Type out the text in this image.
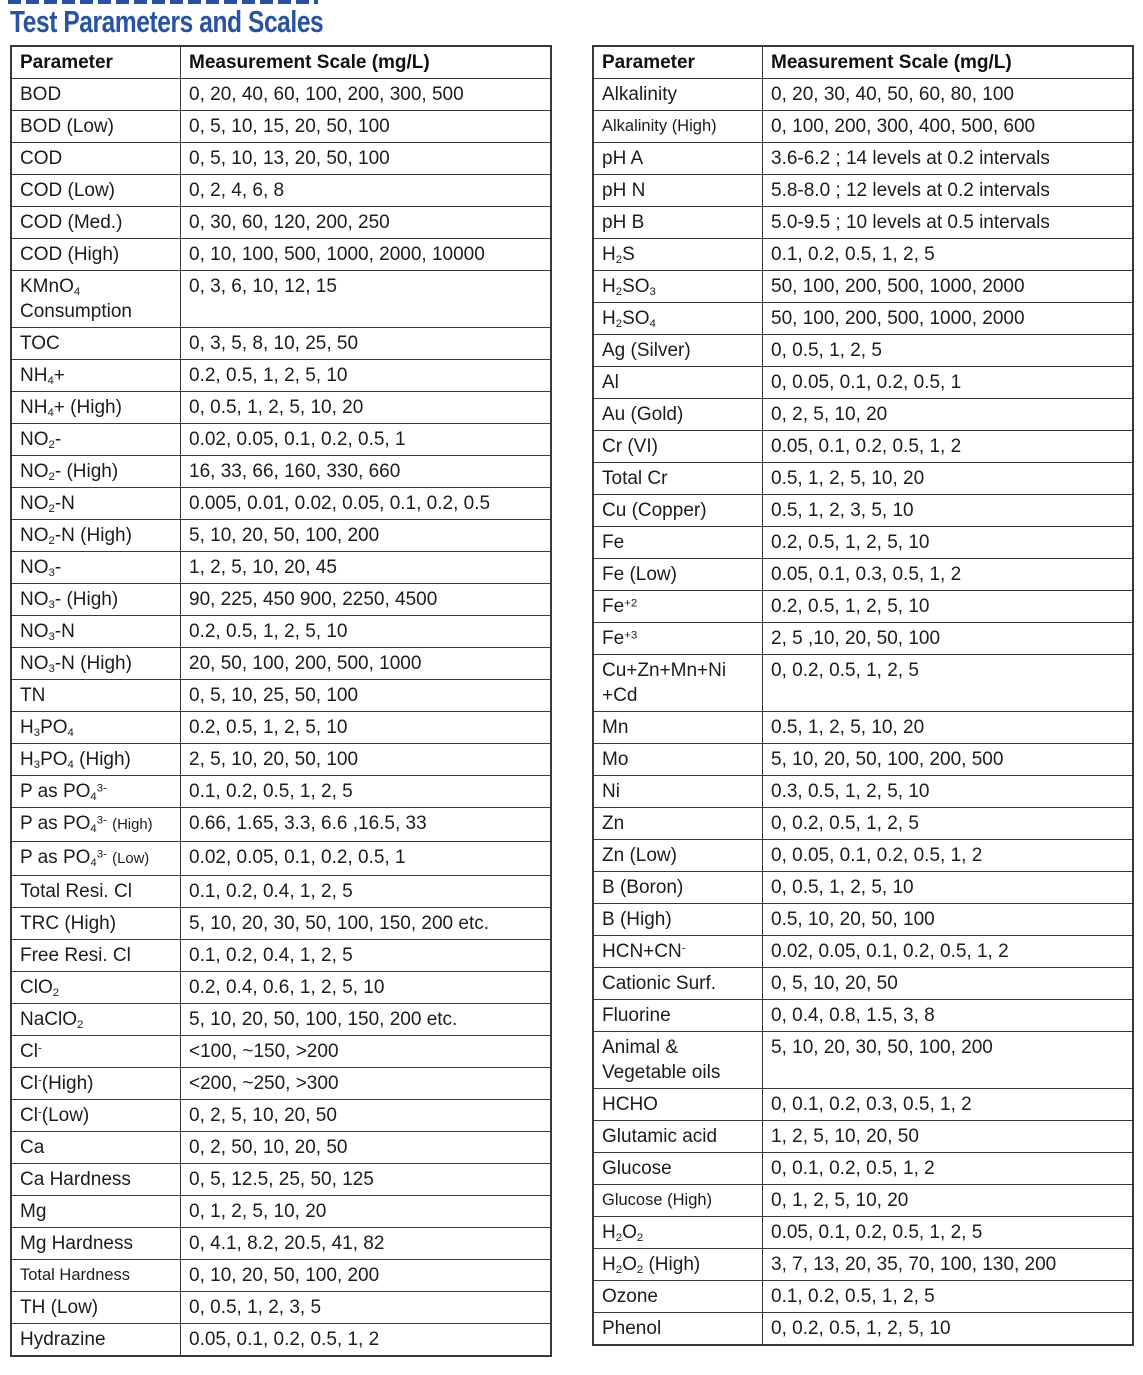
Test Parameters and Scales
Parameter	Measurement Scale (mg/L)
BOD	0, 20, 40, 60, 100, 200, 300, 500
BOD (Low)	0, 5, 10, 15, 20, 50, 100
COD	0, 5, 10, 13, 20, 50, 100
COD (Low)	0, 2, 4, 6, 8
COD (Med.)	0, 30, 60, 120, 200, 250
COD (High)	0, 10, 100, 500, 1000, 2000, 10000
KMnO$_4$
Consumption	0, 3, 6, 10, 12, 15
TOC	0, 3, 5, 8, 10, 25, 50
$NH_4+$	0.2, 0.5, 1, 2, 5, 10
$NH_4+$ (High)	0, 0.5, 1, 2, 5, 10, 20
$NO_2-$	0.02, 0.05, 0.1, 0.2, 0.5, 1
$NO_2-$ (High)	16, 33, 66, 160, 330, 660
$NO_2-N$	0.005, 0.01, 0.02, 0.05, 0.1, 0.2, 0.5
$NO_2-N$ (High)	5, 10, 20, 50, 100, 200
$NO_3-$	1, 2, 5, 10, 20, 45
$NO_3-$ (High)	90, 225, 450 900, 2250, 4500
$NO_3-N$	0.2, 0.5, 1, 2, 5, 10
$NO_3-N$ (High)	20, 50, 100, 200, 500, 1000
TN	0, 5, 10, 25, 50, 100
$H_3PO_4$	0.2, 0.5, 1, 2, 5, 10
$H_3PO_4$ (High)	2, 5, 10, 20, 50, 100
P as $PO_4^{3-}$	0.1, 0.2, 0.5, 1, 2, 5
P as $PO_4^{3-}$ (High)	0.66, 1.65, 3.3, 6.6 ,16.5, 33
P as $PO_4^{3-}$ (Low)	0.02, 0.05, 0.1, 0.2, 0.5, 1
Total Resi. Cl	0.1, 0.2, 0.4, 1, 2, 5
TRC (High)	5, 10, 20, 30, 50, 100, 150, 200 etc.
Free Resi. Cl	0.1, 0.2, 0.4, 1, 2, 5
ClO$_2$	0.2, 0.4, 0.6, 1, 2, 5, 10
NaClO$_2$	5, 10, 20, 50, 100, 150, 200 etc.
Cl-	<100, ~150, >200
Cl-(High)	<200, ~250, >300
Cl-(Low)	0, 2, 5, 10, 20, 50
Ca	0, 2, 50, 10, 20, 50
Ca Hardness	0, 5, 12.5, 25, 50, 125
Mg	0, 1, 2, 5, 10, 20
Mg Hardness	0, 4.1, 8.2, 20.5, 41, 82
Total Hardness	0, 10, 20, 50, 100, 200
TH (Low)	0, 0.5, 1, 2, 3, 5
Hydrazine	0.05, 0.1, 0.2, 0.5, 1, 2
Parameter	Measurement Scale (mg/L)
Alkalinity	0, 20, 30, 40, 50, 60, 80, 100
Alkalinity (High)	0, 100, 200, 300, 400, 500, 600
pH A	3.6-6.2 ; 14 levels at 0.2 intervals
pH N	5.8-8.0 ; 12 levels at 0.2 intervals
pH B	5.0-9.5 ; 10 levels at 0.5 intervals
$H_2S$	0.1, 0.2, 0.5, 1, 2, 5
$H_2SO_3$	50, 100, 200, 500, 1000, 2000
$H_2SO_4$	50, 100, 200, 500, 1000, 2000
Ag (Silver)	0, 0.5, 1, 2, 5
Al	0, 0.05, 0.1, 0.2, 0.5, 1
Au (Gold)	0, 2, 5, 10, 20
Cr (VI)	0.05, 0.1, 0.2, 0.5, 1, 2
Total Cr	0.5, 1, 2, 5, 10, 20
Cu (Copper)	0.5, 1, 2, 3, 5, 10
Fe	0.2, 0.5, 1, 2, 5, 10
Fe (Low)	0.05, 0.1, 0.3, 0.5, 1, 2
$Fe^{+2}$	0.2, 0.5, 1, 2, 5, 10
$Fe^{+3}$	2, 5 ,10, 20, 50, 100
Cu+Zn+Mn+Ni
+Cd	0, 0.2, 0.5, 1, 2, 5
Mn	0.5, 1, 2, 5, 10, 20
Mo	5, 10, 20, 50, 100, 200, 500
Ni	0.3, 0.5, 1, 2, 5, 10
Zn	0, 0.2, 0.5, 1, 2, 5
Zn (Low)	0, 0.05, 0.1, 0.2, 0.5, 1, 2
B (Boron)	0, 0.5, 1, 2, 5, 10
B (High)	0.5, 10, 20, 50, 100
HCN+CN-	0.02, 0.05, 0.1, 0.2, 0.5, 1, 2
Cationic Surf.	0, 5, 10, 20, 50
Fluorine	0, 0.4, 0.8, 1.5, 3, 8
Animal &
Vegetable oils	5, 10, 20, 30, 50, 100, 200
HCHO	0, 0.1, 0.2, 0.3, 0.5, 1, 2
Glutamic acid	1, 2, 5, 10, 20, 50
Glucose	0, 0.1, 0.2, 0.5, 1, 2
Glucose (High)	0, 1, 2, 5, 10, 20
$H_2O_2$	0.05, 0.1, 0.2, 0.5, 1, 2, 5
$H_2O_2$ (High)	3, 7, 13, 20, 35, 70, 100, 130, 200
Ozone	0.1, 0.2, 0.5, 1, 2, 5
Phenol	0, 0.2, 0.5, 1, 2, 5, 10
